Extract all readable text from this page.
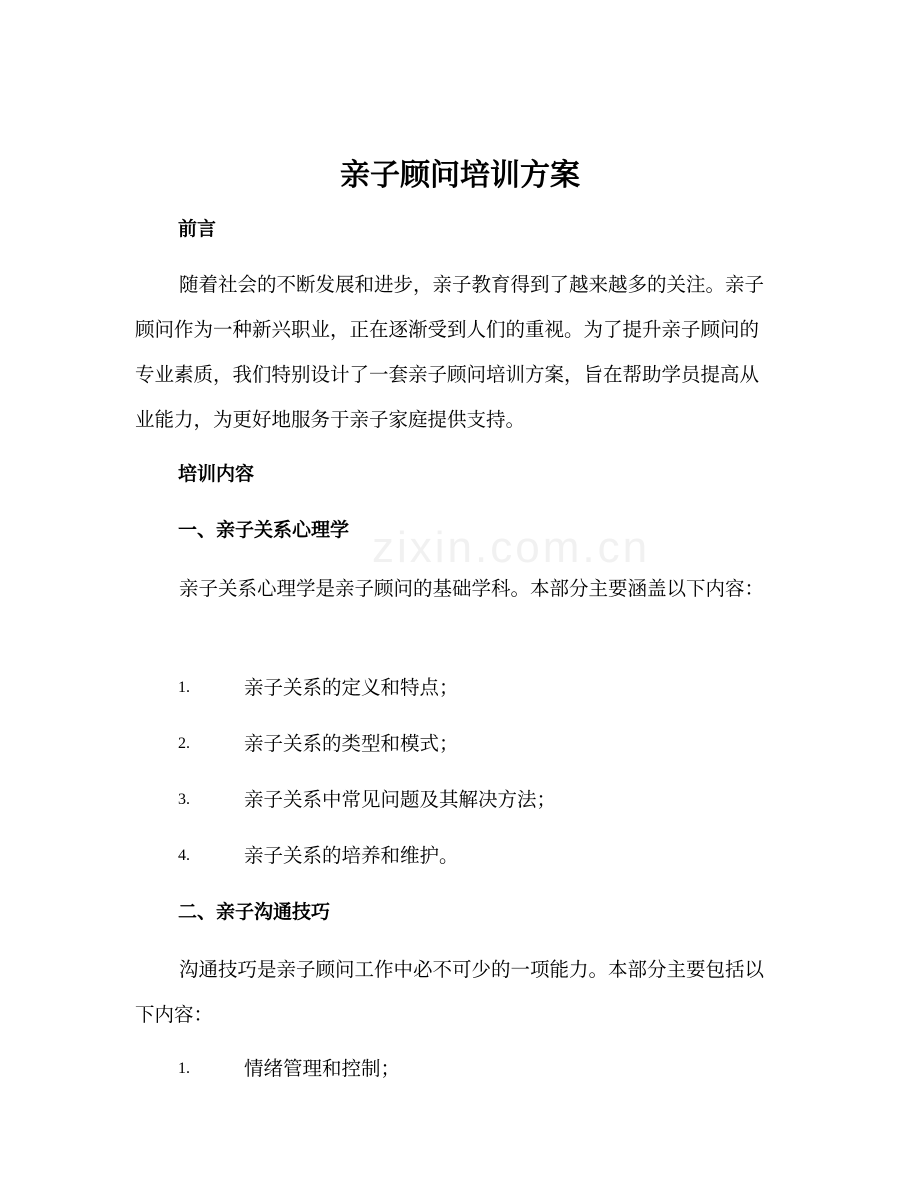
zixin.com.cn
亲子顾问培训方案
前言
随着社会的不断发展和进步，亲子教育得到了越来越多的关注。亲子顾问作为一种新兴职业，正在逐渐受到人们的重视。为了提升亲子顾问的专业素质，我们特别设计了一套亲子顾问培训方案，旨在帮助学员提高从业能力，为更好地服务于亲子家庭提供支持。
培训内容
一、亲子关系心理学
亲子关系心理学是亲子顾问的基础学科。本部分主要涵盖以下内容：
1.	亲子关系的定义和特点；
2.	亲子关系的类型和模式；
3.	亲子关系中常见问题及其解决方法；
4.	亲子关系的培养和维护。
二、亲子沟通技巧
沟通技巧是亲子顾问工作中必不可少的一项能力。本部分主要包括以下内容：
1.	情绪管理和控制；
